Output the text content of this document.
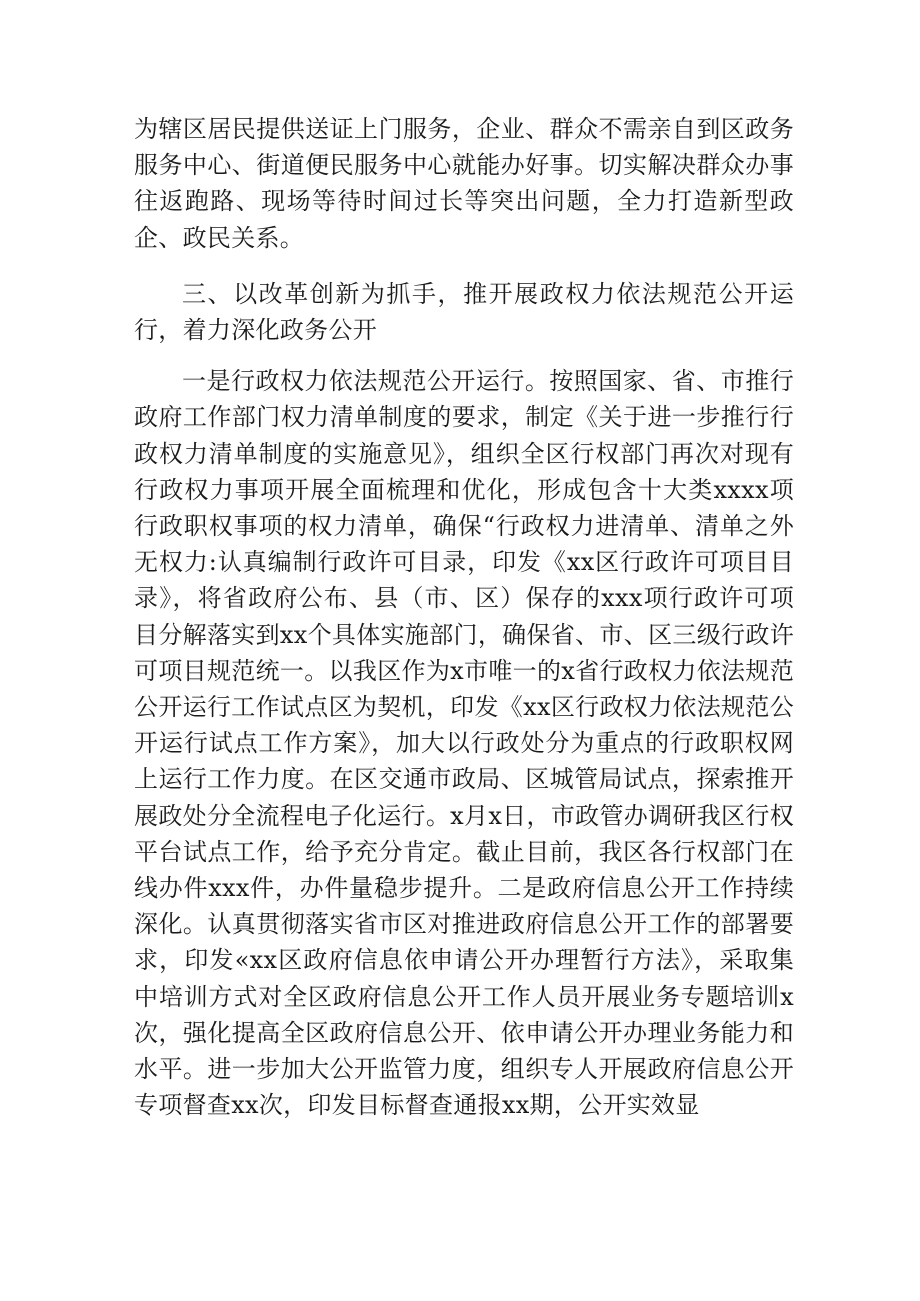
为辖区居民提供送证上门服务，企业、群众不需亲自到区政务服务中心、街道便民服务中心就能办好事。切实解决群众办事往返跑路、现场等待时间过长等突出问题，全力打造新型政企、政民关系。

三、以改革创新为抓手，推开展政权力依法规范公开运行，着力深化政务公开

一是行政权力依法规范公开运行。按照国家、省、市推行政府工作部门权力清单制度的要求，制定《关于进一步推行行政权力清单制度的实施意见》，组织全区行权部门再次对现有行政权力事项开展全面梳理和优化，形成包含十大类xxxx项行政职权事项的权力清单，确保“行政权力进清单、清单之外无权力:认真编制行政许可目录，印发《xx区行政许可项目目录》，将省政府公布、县（市、区）保存的xxx项行政许可项目分解落实到xx个具体实施部门，确保省、市、区三级行政许可项目规范统一。以我区作为x市唯一的x省行政权力依法规范公开运行工作试点区为契机，印发《xx区行政权力依法规范公开运行试点工作方案》，加大以行政处分为重点的行政职权网上运行工作力度。在区交通市政局、区城管局试点，探索推开展政处分全流程电子化运行。x月x日，市政管办调研我区行权平台试点工作，给予充分肯定。截止目前，我区各行权部门在线办件xxx件，办件量稳步提升。二是政府信息公开工作持续深化。认真贯彻落实省市区对推进政府信息公开工作的部署要求，印发«xx区政府信息依申请公开办理暂行方法》，采取集中培训方式对全区政府信息公开工作人员开展业务专题培训x次，强化提高全区政府信息公开、依申请公开办理业务能力和水平。进一步加大公开监管力度，组织专人开展政府信息公开专项督查xx次，印发目标督查通报xx期，公开实效显
